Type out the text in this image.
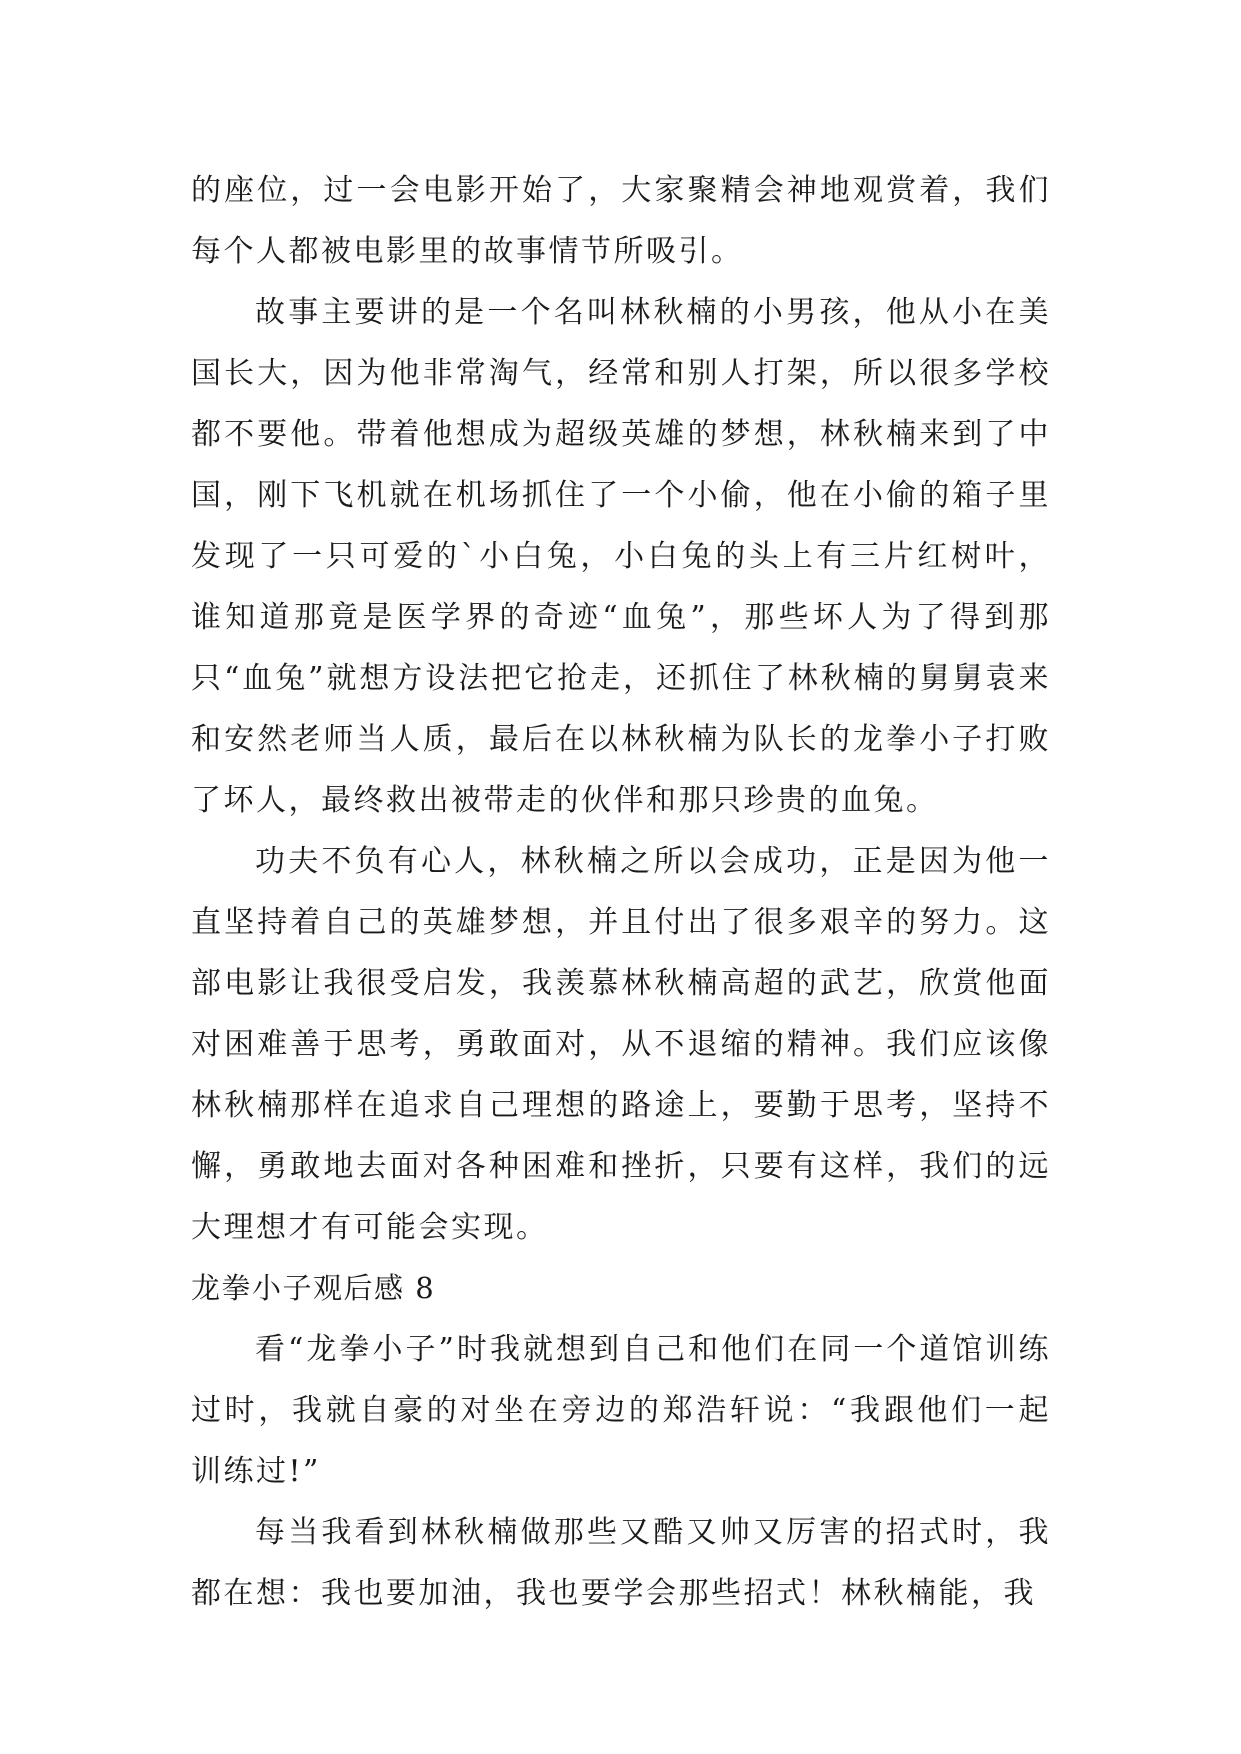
的座位，过一会电影开始了，大家聚精会神地观赏着，我们每个人都被电影里的故事情节所吸引。

故事主要讲的是一个名叫林秋楠的小男孩，他从小在美国长大，因为他非常淘气，经常和别人打架，所以很多学校都不要他。带着他想成为超级英雄的梦想，林秋楠来到了中国，刚下飞机就在机场抓住了一个小偷，他在小偷的箱子里发现了一只可爱的`小白兔，小白兔的头上有三片红树叶，谁知道那竟是医学界的奇迹“血兔”，那些坏人为了得到那只“血兔”就想方设法把它抢走，还抓住了林秋楠的舅舅袁来和安然老师当人质，最后在以林秋楠为队长的龙拳小子打败了坏人，最终救出被带走的伙伴和那只珍贵的血兔。

功夫不负有心人，林秋楠之所以会成功，正是因为他一直坚持着自己的英雄梦想，并且付出了很多艰辛的努力。这部电影让我很受启发，我羡慕林秋楠高超的武艺，欣赏他面对困难善于思考，勇敢面对，从不退缩的精神。我们应该像林秋楠那样在追求自己理想的路途上，要勤于思考，坚持不懈，勇敢地去面对各种困难和挫折，只要有这样，我们的远大理想才有可能会实现。

龙拳小子观后感 8

看“龙拳小子”时我就想到自己和他们在同一个道馆训练过时，我就自豪的对坐在旁边的郑浩轩说：“我跟他们一起训练过!”

每当我看到林秋楠做那些又酷又帅又厉害的招式时，我都在想：我也要加油，我也要学会那些招式！林秋楠能，我
